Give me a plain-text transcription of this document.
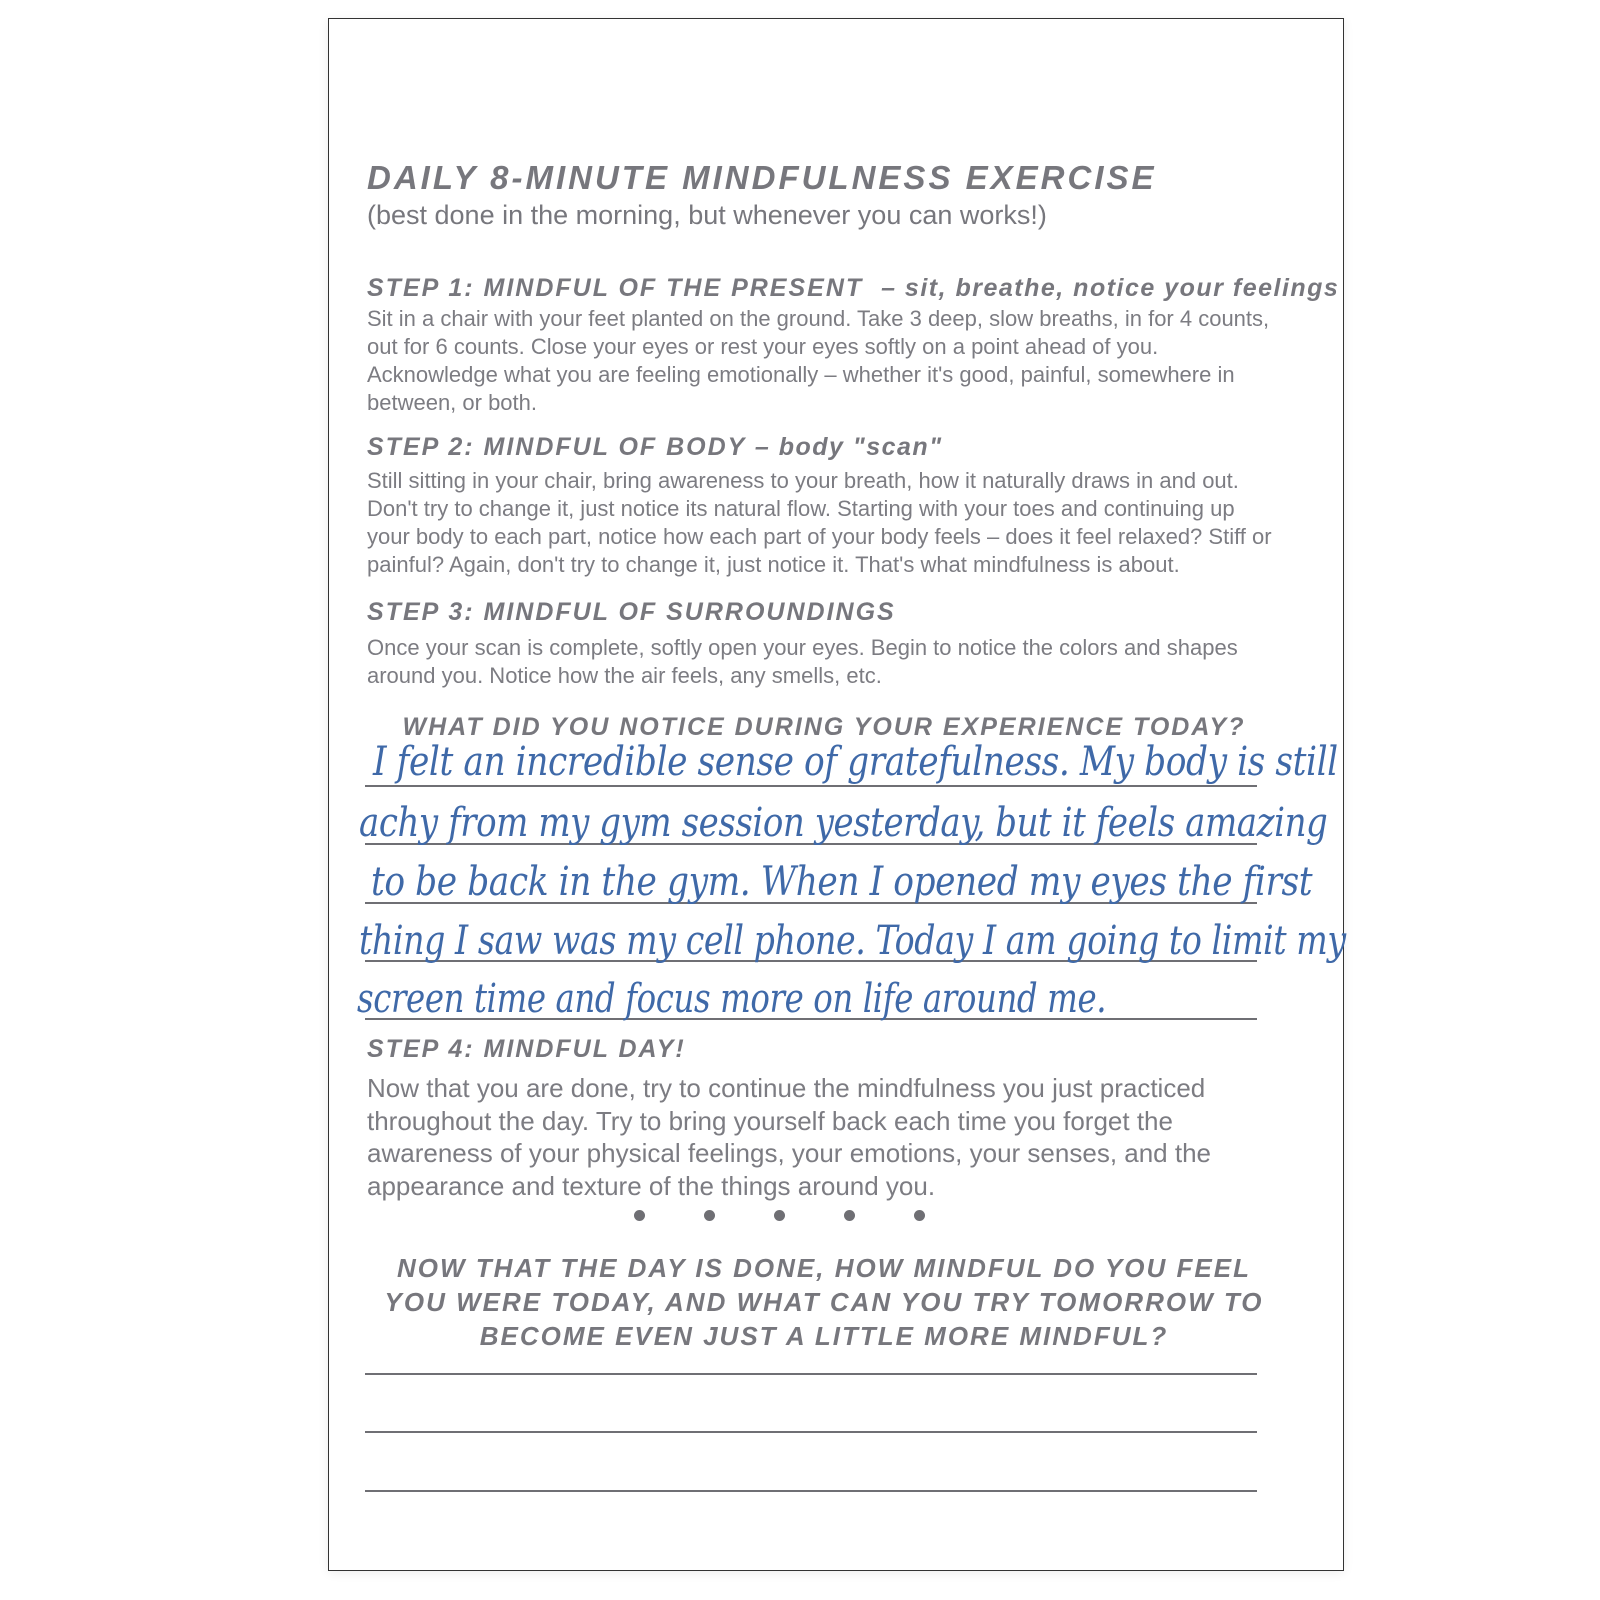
DAILY 8-MINUTE MINDFULNESS EXERCISE
(best done in the morning, but whenever you can works!)
STEP 1: MINDFUL OF THE PRESENT – sit, breathe, notice your feelings

Sit in a chair with your feet planted on the ground. Take 3 deep, slow breaths, in for 4 counts, out for 6 counts. Close your eyes or rest your eyes softly on a point ahead of you. Acknowledge what you are feeling emotionally – whether it's good, painful, somewhere in between, or both.

STEP 2: MINDFUL OF BODY – body "scan"

Still sitting in your chair, bring awareness to your breath, how it naturally draws in and out. Don't try to change it, just notice its natural flow. Starting with your toes and continuing up your body to each part, notice how each part of your body feels – does it feel relaxed? Stiff or painful? Again, don't try to change it, just notice it. That's what mindfulness is about.

STEP 3: MINDFUL OF SURROUNDINGS

Once your scan is complete, softly open your eyes. Begin to notice the colors and shapes around you. Notice how the air feels, any smells, etc.

WHAT DID YOU NOTICE DURING YOUR EXPERIENCE TODAY?
I felt an incredible sense of gratefulness. My body is still
achy from my gym session yesterday, but it feels amazing
to be back in the gym. When I opened my eyes the first
thing I saw was my cell phone. Today I am going to limit my
screen time and focus more on life around me.
STEP 4: MINDFUL DAY!

Now that you are done, try to continue the mindfulness you just practiced throughout the day. Try to bring yourself back each time you forget the awareness of your physical feelings, your emotions, your senses, and the appearance and texture of the things around you.

NOW THAT THE DAY IS DONE, HOW MINDFUL DO YOU FEEL YOU WERE TODAY, AND WHAT CAN YOU TRY TOMORROW TO BECOME EVEN JUST A LITTLE MORE MINDFUL?
